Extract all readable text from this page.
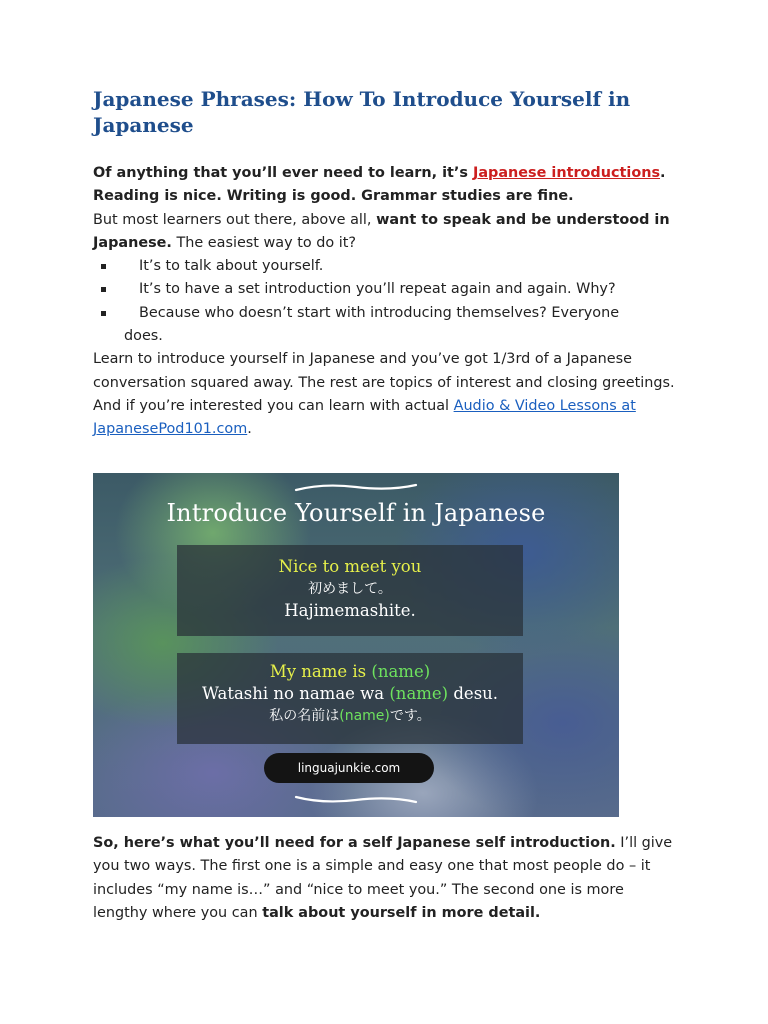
Japanese Phrases: How To Introduce Yourself in Japanese

Of anything that you’ll ever need to learn, it’s Japanese introductions.

Reading is nice. Writing is good. Grammar studies are fine.

But most learners out there, above all, want to speak and be understood in Japanese. The easiest way to do it?

It’s to talk about yourself.
It’s to have a set introduction you’ll repeat again and again. Why?
Because who doesn’t start with introducing themselves? Everyone
does.

Learn to introduce yourself in Japanese and you’ve got 1/3rd of a Japanese conversation squared away. The rest are topics of interest and closing greetings. And if you’re interested you can learn with actual Audio & Video Lessons at JapanesePod101.com.

Introduce Yourself in Japanese
Nice to meet you
初めまして。
Hajimemashite.
My name is (name)
Watashi no namae wa (name) desu.
私の名前は(name)です。
linguajunkie.com

So, here’s what you’ll need for a self Japanese self introduction. I’ll give you two ways. The first one is a simple and easy one that most people do – it includes “my name is…” and “nice to meet you.” The second one is more lengthy where you can talk about yourself in more detail.
